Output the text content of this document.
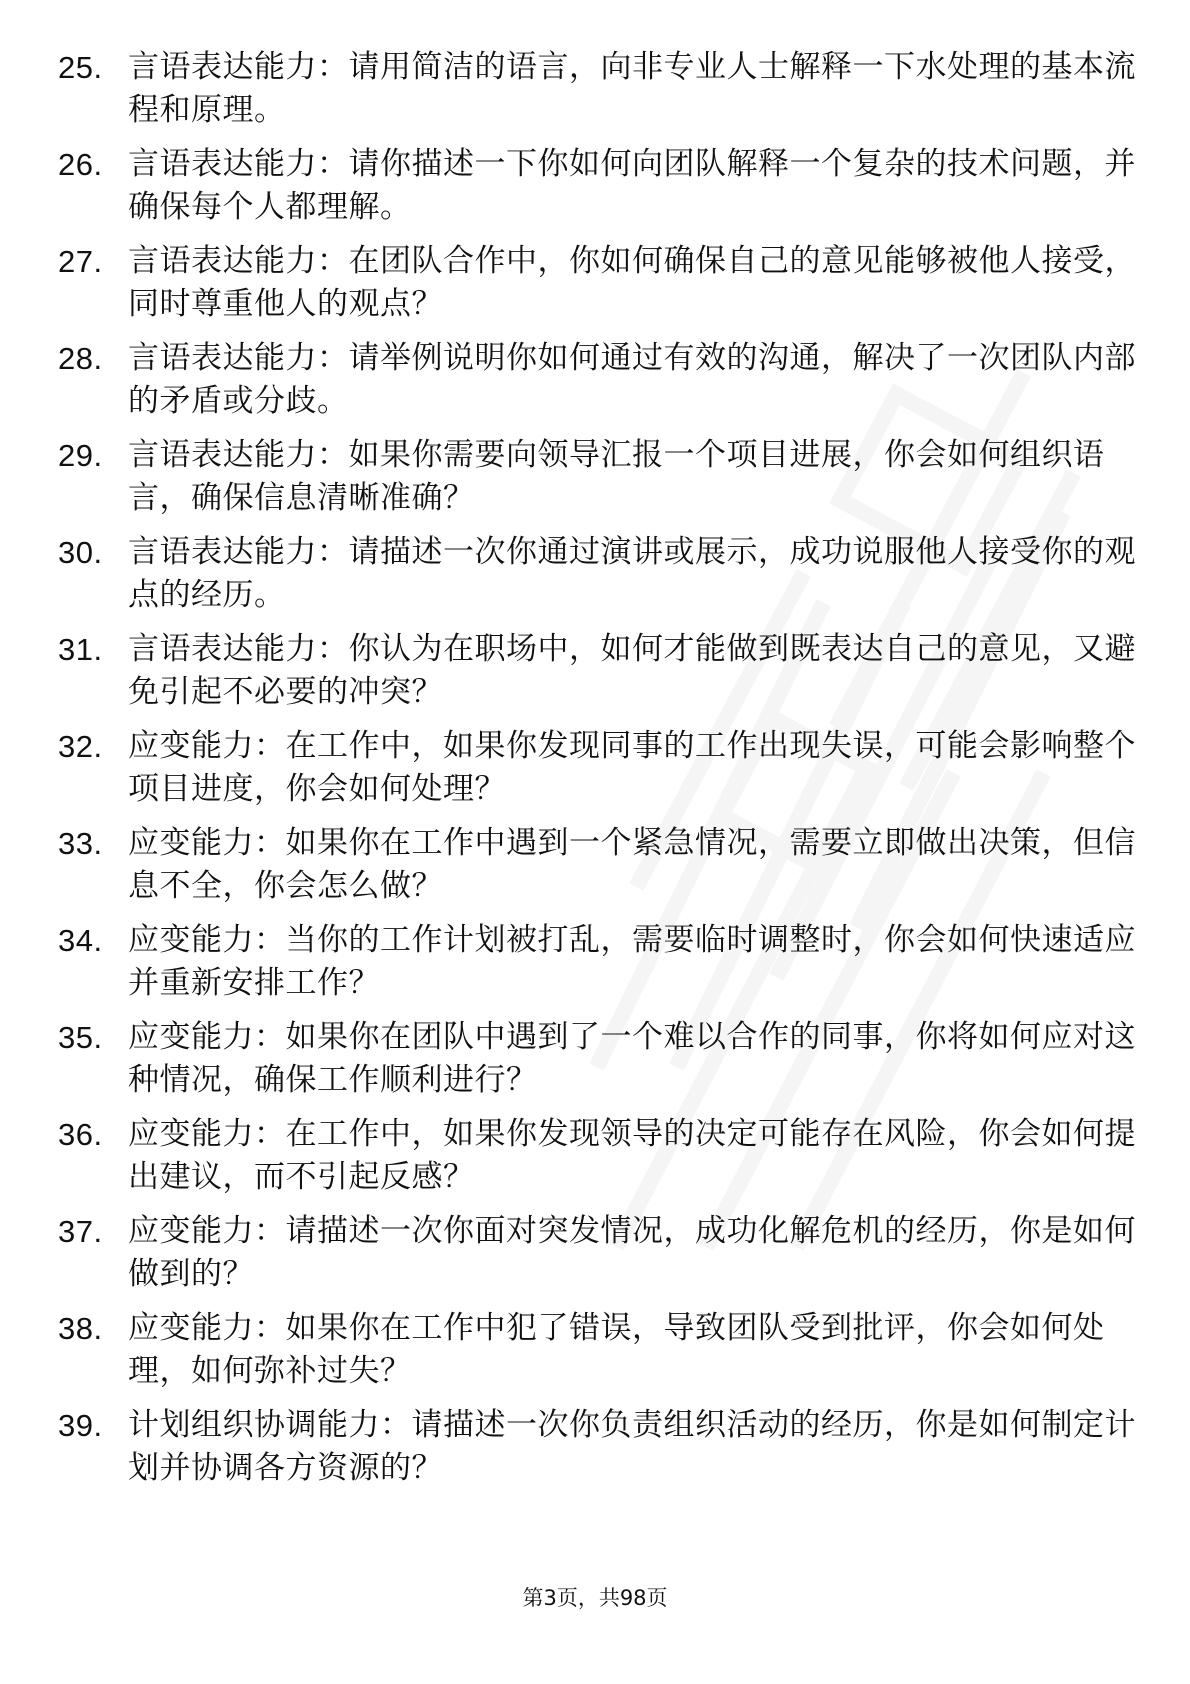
25. 言语表达能力：请用简洁的语言，向非专业人士解释一下水处理的基本流程和原理。
26. 言语表达能力：请你描述一下你如何向团队解释一个复杂的技术问题，并确保每个人都理解。
27. 言语表达能力：在团队合作中，你如何确保自己的意见能够被他人接受，同时尊重他人的观点？
28. 言语表达能力：请举例说明你如何通过有效的沟通，解决了一次团队内部的矛盾或分歧。
29. 言语表达能力：如果你需要向领导汇报一个项目进展，你会如何组织语言，确保信息清晰准确？
30. 言语表达能力：请描述一次你通过演讲或展示，成功说服他人接受你的观点的经历。
31. 言语表达能力：你认为在职场中，如何才能做到既表达自己的意见，又避免引起不必要的冲突？
32. 应变能力：在工作中，如果你发现同事的工作出现失误，可能会影响整个项目进度，你会如何处理？
33. 应变能力：如果你在工作中遇到一个紧急情况，需要立即做出决策，但信息不全，你会怎么做？
34. 应变能力：当你的工作计划被打乱，需要临时调整时，你会如何快速适应并重新安排工作？
35. 应变能力：如果你在团队中遇到了一个难以合作的同事，你将如何应对这种情况，确保工作顺利进行？
36. 应变能力：在工作中，如果你发现领导的决定可能存在风险，你会如何提出建议，而不引起反感？
37. 应变能力：请描述一次你面对突发情况，成功化解危机的经历，你是如何做到的？
38. 应变能力：如果你在工作中犯了错误，导致团队受到批评，你会如何处理，如何弥补过失？
39. 计划组织协调能力：请描述一次你负责组织活动的经历，你是如何制定计划并协调各方资源的？
第3页，共98页
